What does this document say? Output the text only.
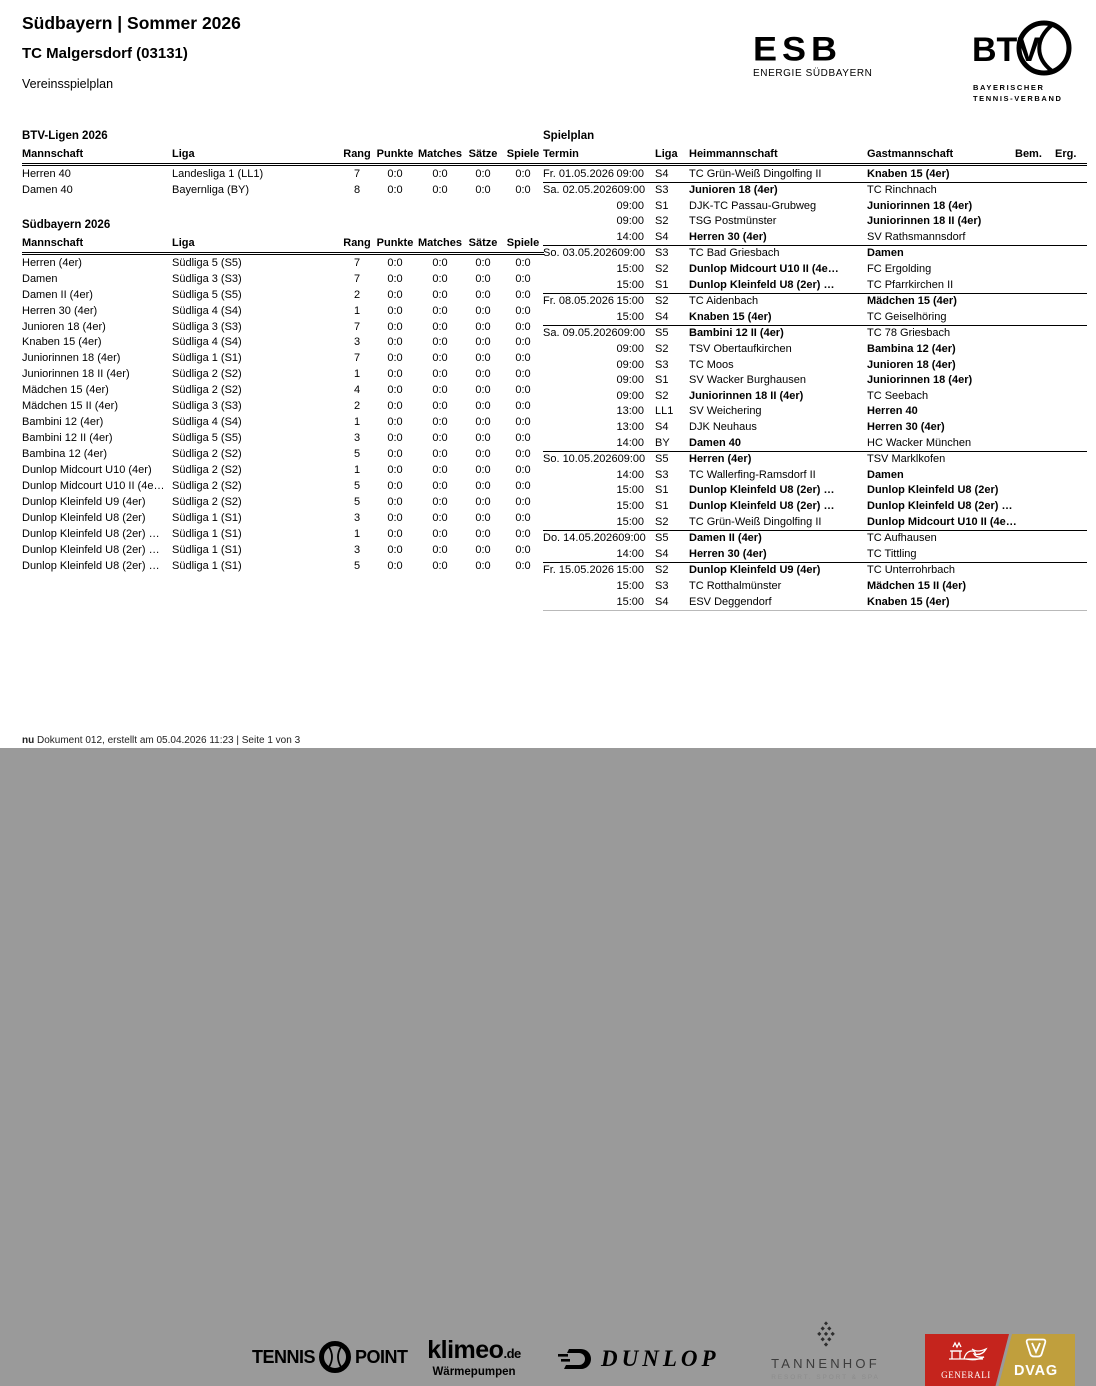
Südbayern | Sommer 2026
TC Malgersdorf (03131)
Vereinsspielplan
ESB
ENERGIE SÜDBAYERN
BTV
BAYERISCHER
TENNIS-VERBAND
BTV-Ligen 2026
Mannschaft	Liga	Rang	Punkte	Matches	Sätze	Spiele
Herren 40	Landesliga 1 (LL1)	7	0:0	0:0	0:0	0:0
Damen 40	Bayernliga (BY)	8	0:0	0:0	0:0	0:0
Südbayern 2026
Mannschaft	Liga	Rang	Punkte	Matches	Sätze	Spiele
Herren (4er)	Südliga 5 (S5)	7	0:0	0:0	0:0	0:0
Damen	Südliga 3 (S3)	7	0:0	0:0	0:0	0:0
Damen II (4er)	Südliga 5 (S5)	2	0:0	0:0	0:0	0:0
Herren 30 (4er)	Südliga 4 (S4)	1	0:0	0:0	0:0	0:0
Junioren 18 (4er)	Südliga 3 (S3)	7	0:0	0:0	0:0	0:0
Knaben 15 (4er)	Südliga 4 (S4)	3	0:0	0:0	0:0	0:0
Juniorinnen 18 (4er)	Südliga 1 (S1)	7	0:0	0:0	0:0	0:0
Juniorinnen 18 II (4er)	Südliga 2 (S2)	1	0:0	0:0	0:0	0:0
Mädchen 15 (4er)	Südliga 2 (S2)	4	0:0	0:0	0:0	0:0
Mädchen 15 II (4er)	Südliga 3 (S3)	2	0:0	0:0	0:0	0:0
Bambini 12 (4er)	Südliga 4 (S4)	1	0:0	0:0	0:0	0:0
Bambini 12 II (4er)	Südliga 5 (S5)	3	0:0	0:0	0:0	0:0
Bambina 12 (4er)	Südliga 2 (S2)	5	0:0	0:0	0:0	0:0
Dunlop Midcourt U10 (4er)	Südliga 2 (S2)	1	0:0	0:0	0:0	0:0
Dunlop Midcourt U10 II (4e…	Südliga 2 (S2)	5	0:0	0:0	0:0	0:0
Dunlop Kleinfeld U9 (4er)	Südliga 2 (S2)	5	0:0	0:0	0:0	0:0
Dunlop Kleinfeld U8 (2er)	Südliga 1 (S1)	3	0:0	0:0	0:0	0:0
Dunlop Kleinfeld U8 (2er) …	Südliga 1 (S1)	1	0:0	0:0	0:0	0:0
Dunlop Kleinfeld U8 (2er) …	Südliga 1 (S1)	3	0:0	0:0	0:0	0:0
Dunlop Kleinfeld U8 (2er) …	Südliga 1 (S1)	5	0:0	0:0	0:0	0:0
Spielplan
Termin	Liga	Heimmannschaft	Gastmannschaft	Bem.	Erg.

Fr. 01.05.2026 09:00	S4	TC Grün-Weiß Dingolfing II	Knaben 15 (4er)		

Sa. 02.05.2026 09:00	S3	Junioren 18 (4er)	TC Rinchnach		

09:00	S1	DJK-TC Passau-Grubweg	Juniorinnen 18 (4er)		

09:00	S2	TSG Postmünster	Juniorinnen 18 II (4er)		

14:00	S4	Herren 30 (4er)	SV Rathsmannsdorf		

So. 03.05.2026 09:00	S3	TC Bad Griesbach	Damen		

15:00	S2	Dunlop Midcourt U10 II (4e…	FC Ergolding		

15:00	S1	Dunlop Kleinfeld U8 (2er) …	TC Pfarrkirchen II		

Fr. 08.05.2026 15:00	S2	TC Aidenbach	Mädchen 15 (4er)		

15:00	S4	Knaben 15 (4er)	TC Geiselhöring		

Sa. 09.05.2026 09:00	S5	Bambini 12 II (4er)	TC 78 Griesbach		

09:00	S2	TSV Obertaufkirchen	Bambina 12 (4er)		

09:00	S3	TC Moos	Junioren 18 (4er)		

09:00	S1	SV Wacker Burghausen	Juniorinnen 18 (4er)		

09:00	S2	Juniorinnen 18 II (4er)	TC Seebach		

13:00	LL1	SV Weichering	Herren 40		

13:00	S4	DJK Neuhaus	Herren 30 (4er)		

14:00	BY	Damen 40	HC Wacker München		

So. 10.05.2026 09:00	S5	Herren (4er)	TSV Marklkofen		

14:00	S3	TC Wallerfing-Ramsdorf II	Damen		

15:00	S1	Dunlop Kleinfeld U8 (2er) …	Dunlop Kleinfeld U8 (2er)		

15:00	S1	Dunlop Kleinfeld U8 (2er) …	Dunlop Kleinfeld U8 (2er) …		

15:00	S2	TC Grün-Weiß Dingolfing II	Dunlop Midcourt U10 II (4e…		

Do. 14.05.2026 09:00	S5	Damen II (4er)	TC Aufhausen		

14:00	S4	Herren 30 (4er)	TC Tittling		

Fr. 15.05.2026 15:00	S2	Dunlop Kleinfeld U9 (4er)	TC Unterrohrbach		

15:00	S3	TC Rotthalmünster	Mädchen 15 II (4er)		

15:00	S4	ESV Deggendorf	Knaben 15 (4er)		
TENNIS POINT klimeo.de
Wärmepumpen
DUNLOP	TANNENHOF
RESORT. SPORT & SPA	GENERALI	DVAG
nu Dokument 012, erstellt am 05.04.2026 11:23 | Seite 1 von 3
